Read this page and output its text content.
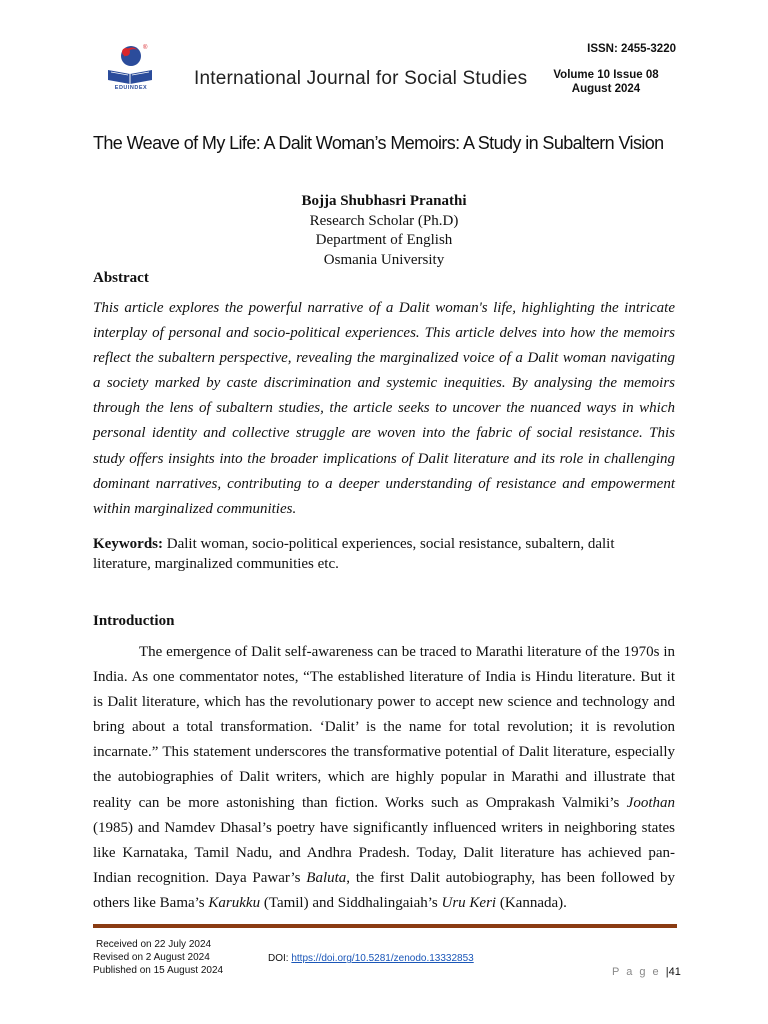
®
EDUINDEX	International Journal for Social Studies
ISSN: 2455-3220
Volume 10 Issue 08
August 2024
The Weave of My Life: A Dalit Woman’s Memoirs: A Study in Subaltern Vision
Bojja Shubhasri Pranathi
Research Scholar (Ph.D)
Department of English
Osmania University
Abstract
This article explores the powerful narrative of a Dalit woman's life, highlighting the intricate interplay of personal and socio-political experiences. This article delves into how the memoirs reflect the subaltern perspective, revealing the marginalized voice of a Dalit woman navigating a society marked by caste discrimination and systemic inequities. By analysing the memoirs through the lens of subaltern studies, the article seeks to uncover the nuanced ways in which personal identity and collective struggle are woven into the fabric of social resistance. This study offers insights into the broader implications of Dalit literature and its role in challenging dominant narratives, contributing to a deeper understanding of resistance and empowerment within marginalized communities.
Keywords: Dalit woman, socio-political experiences, social resistance, subaltern, dalit literature, marginalized communities etc.
Introduction
The emergence of Dalit self-awareness can be traced to Marathi literature of the 1970s in India. As one commentator notes, “The established literature of India is Hindu literature. But it is Dalit literature, which has the revolutionary power to accept new science and technology and bring about a total transformation. ‘Dalit’ is the name for total revolution; it is revolution incarnate.” This statement underscores the transformative potential of Dalit literature, especially the autobiographies of Dalit writers, which are highly popular in Marathi and illustrate that reality can be more astonishing than fiction. Works such as Omprakash Valmiki’s Joothan (1985) and Namdev Dhasal’s poetry have significantly influenced writers in neighboring states like Karnataka, Tamil Nadu, and Andhra Pradesh. Today, Dalit literature has achieved pan-Indian recognition. Daya Pawar’s Baluta, the first Dalit autobiography, has been followed by others like Bama’s Karukku (Tamil) and Siddhalingaiah’s Uru Keri (Kannada).
Received on 22 July 2024
Revised on 2 August 2024
Published on 15 August 2024
DOI: https://doi.org/10.5281/zenodo.13332853
P a g e |41
